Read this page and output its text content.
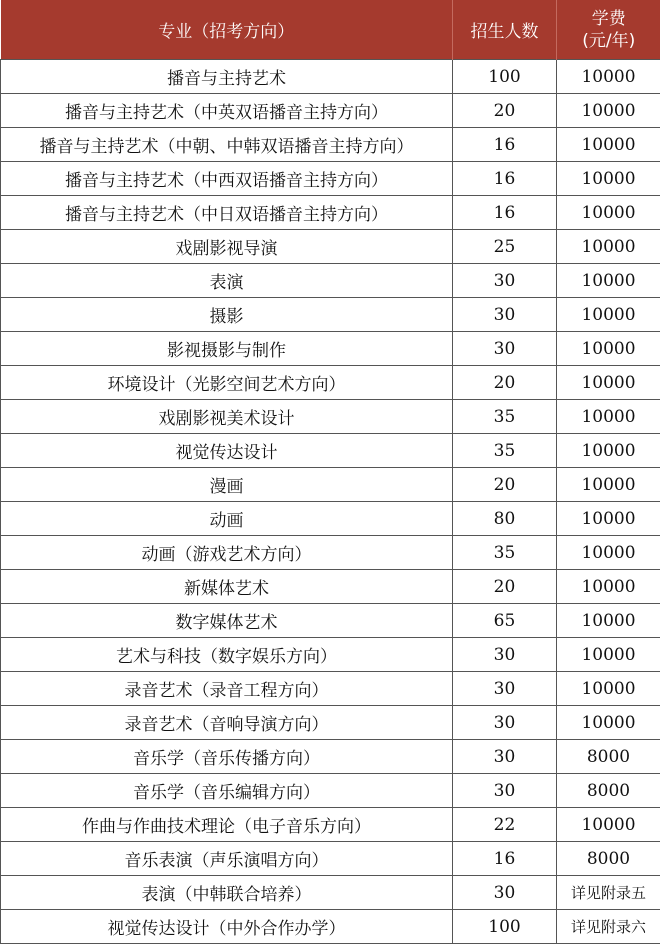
专业（招考方向）	招生人数	学费
(元/年)

播音与主持艺术	100	10000
播音与主持艺术（中英双语播音主持方向）	20	10000
播音与主持艺术（中朝、中韩双语播音主持方向）	16	10000
播音与主持艺术（中西双语播音主持方向）	16	10000
播音与主持艺术（中日双语播音主持方向）	16	10000
戏剧影视导演	25	10000
表演	30	10000
摄影	30	10000
影视摄影与制作	30	10000
环境设计（光影空间艺术方向）	20	10000
戏剧影视美术设计	35	10000
视觉传达设计	35	10000
漫画	20	10000
动画	80	10000
动画（游戏艺术方向）	35	10000
新媒体艺术	20	10000
数字媒体艺术	65	10000
艺术与科技（数字娱乐方向）	30	10000
录音艺术（录音工程方向）	30	10000
录音艺术（音响导演方向）	30	10000
音乐学（音乐传播方向）	30	8000
音乐学（音乐编辑方向）	30	8000
作曲与作曲技术理论（电子音乐方向）	22	10000
音乐表演（声乐演唱方向）	16	8000
表演（中韩联合培养）	30	详见附录五
视觉传达设计（中外合作办学）	100	详见附录六
